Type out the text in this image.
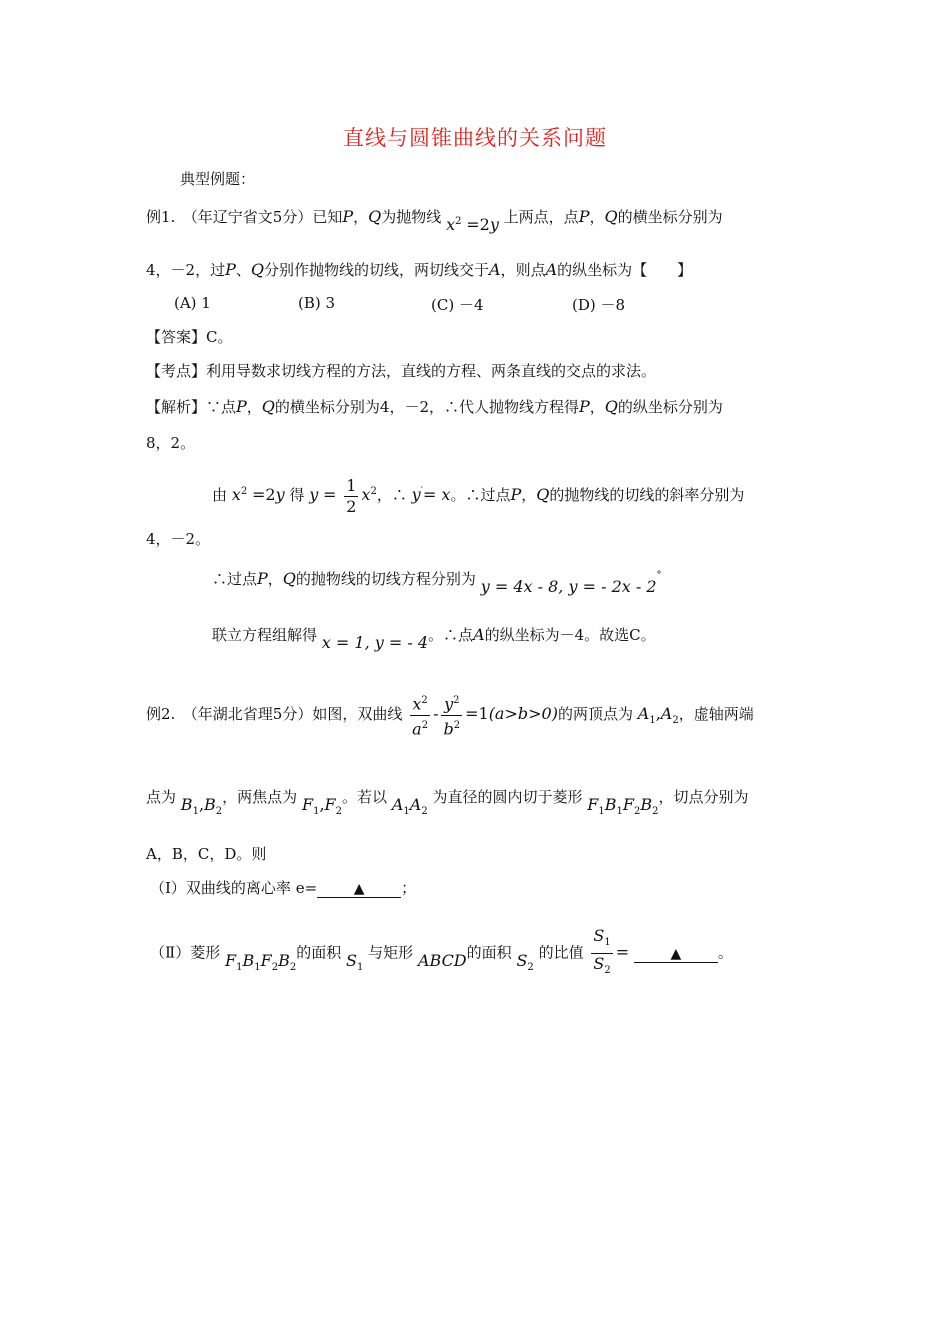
直线与圆锥曲线的关系问题
典型例题：
例1.　（年辽宁省文5分）已知P，Q为抛物线 $x^2 =2y$ 上两点，点P，Q的横坐标分别为
4，－2，过P、Q分别作抛物线的切线，两切线交于A，则点A的纵坐标为【　　】
(A) 1	(B) 3	(C) －4	(D) －8
【答案】C。
【考点】利用导数求切线方程的方法，直线的方程、两条直线的交点的求法。
【解析】∵点P，Q的横坐标分别为4，－2，∴代人抛物线方程得P，Q的纵坐标分别为
8，2。
由 $x^2 =2y$ 得 $y = \frac{1}{2} x^2$，∴ y′= x。∴过点P，Q的抛物线的切线的斜率分别为
4，－2。
∴过点P，Q的抛物线的切线方程分别为 y = 4x - 8, y = - 2x - 2°
联立方程组解得 x = 1, y = - 4。∴点A的纵坐标为－4。故选C。
例2.　（年湖北省理5分）如图，双曲线 $\frac{x^2}{a^2} - \frac{y^2}{b^2} =1(a>b>0)$的两顶点为 $A_1,A_2$，虚轴两端
点为 $B_1,B_2$，两焦点为 $F_1,F_2$。若以 $A_1A_2$ 为直径的圆内切于菱形 $F_1B_1F_2B_2$，切点分别为
A，B，C，D。则
（Ⅰ）双曲线的离心率 e=	▲ ；
（Ⅱ）菱形 $F_1B_1F_2B_2$的面积 $S_1$ 与矩形 ABCD的面积 $S_2$ 的比值 $\frac{S_1}{S_2}$ =	▲ 。
